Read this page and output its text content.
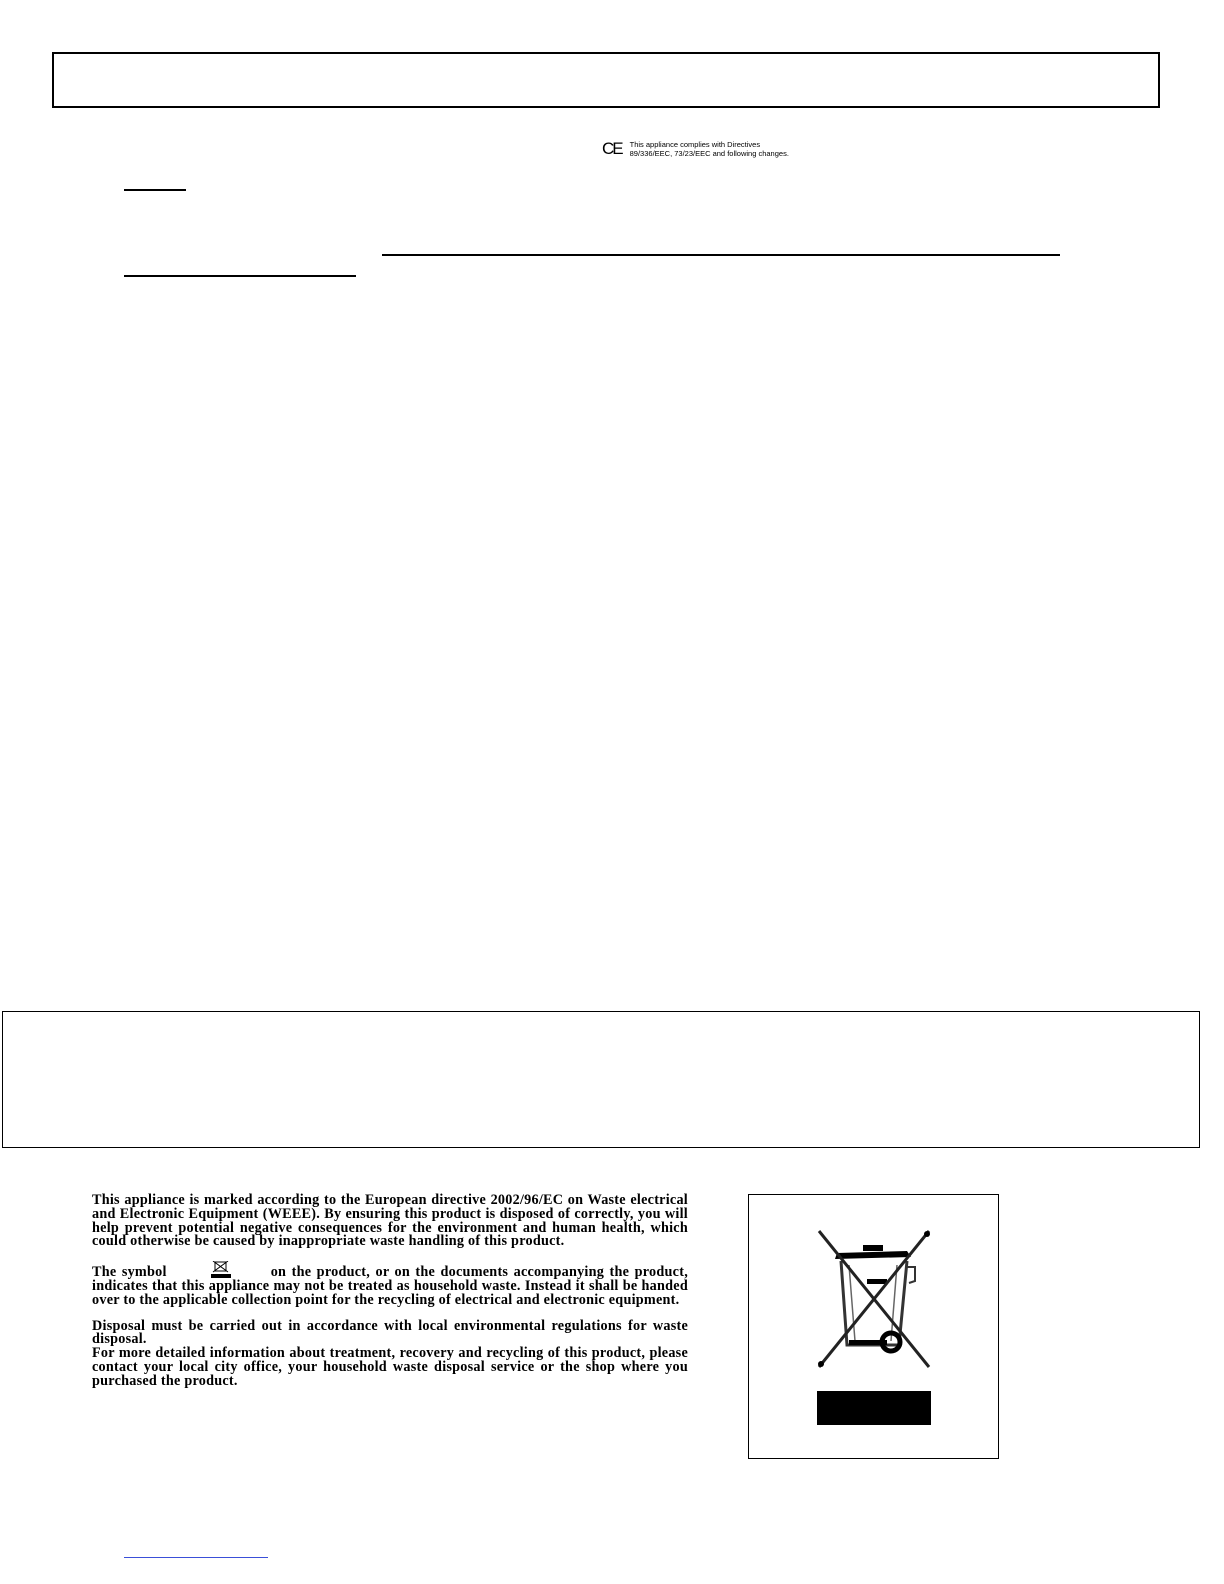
CE This appliance complies with Directives
89/336/EEC, 73/23/EEC and following changes.

This appliance is marked according to the European directive 2002/96/EC on Waste electrical and Electronic Equipment (WEEE). By ensuring this product is disposed of correctly, you will help prevent potential negative consequences for the environment and human health, which could otherwise be caused by inappropriate waste handling of this product.

The symbol	on the product, or on the documents accompanying the product, indicates that this appliance may not be treated as household waste. Instead it shall be handed over to the applicable collection point for the recycling of electrical and electronic equipment.

Disposal must be carried out in accordance with local environmental regulations for waste disposal.

For more detailed information about treatment, recovery and recycling of this product, please contact your local city office, your household waste disposal service or the shop where you purchased the product.
